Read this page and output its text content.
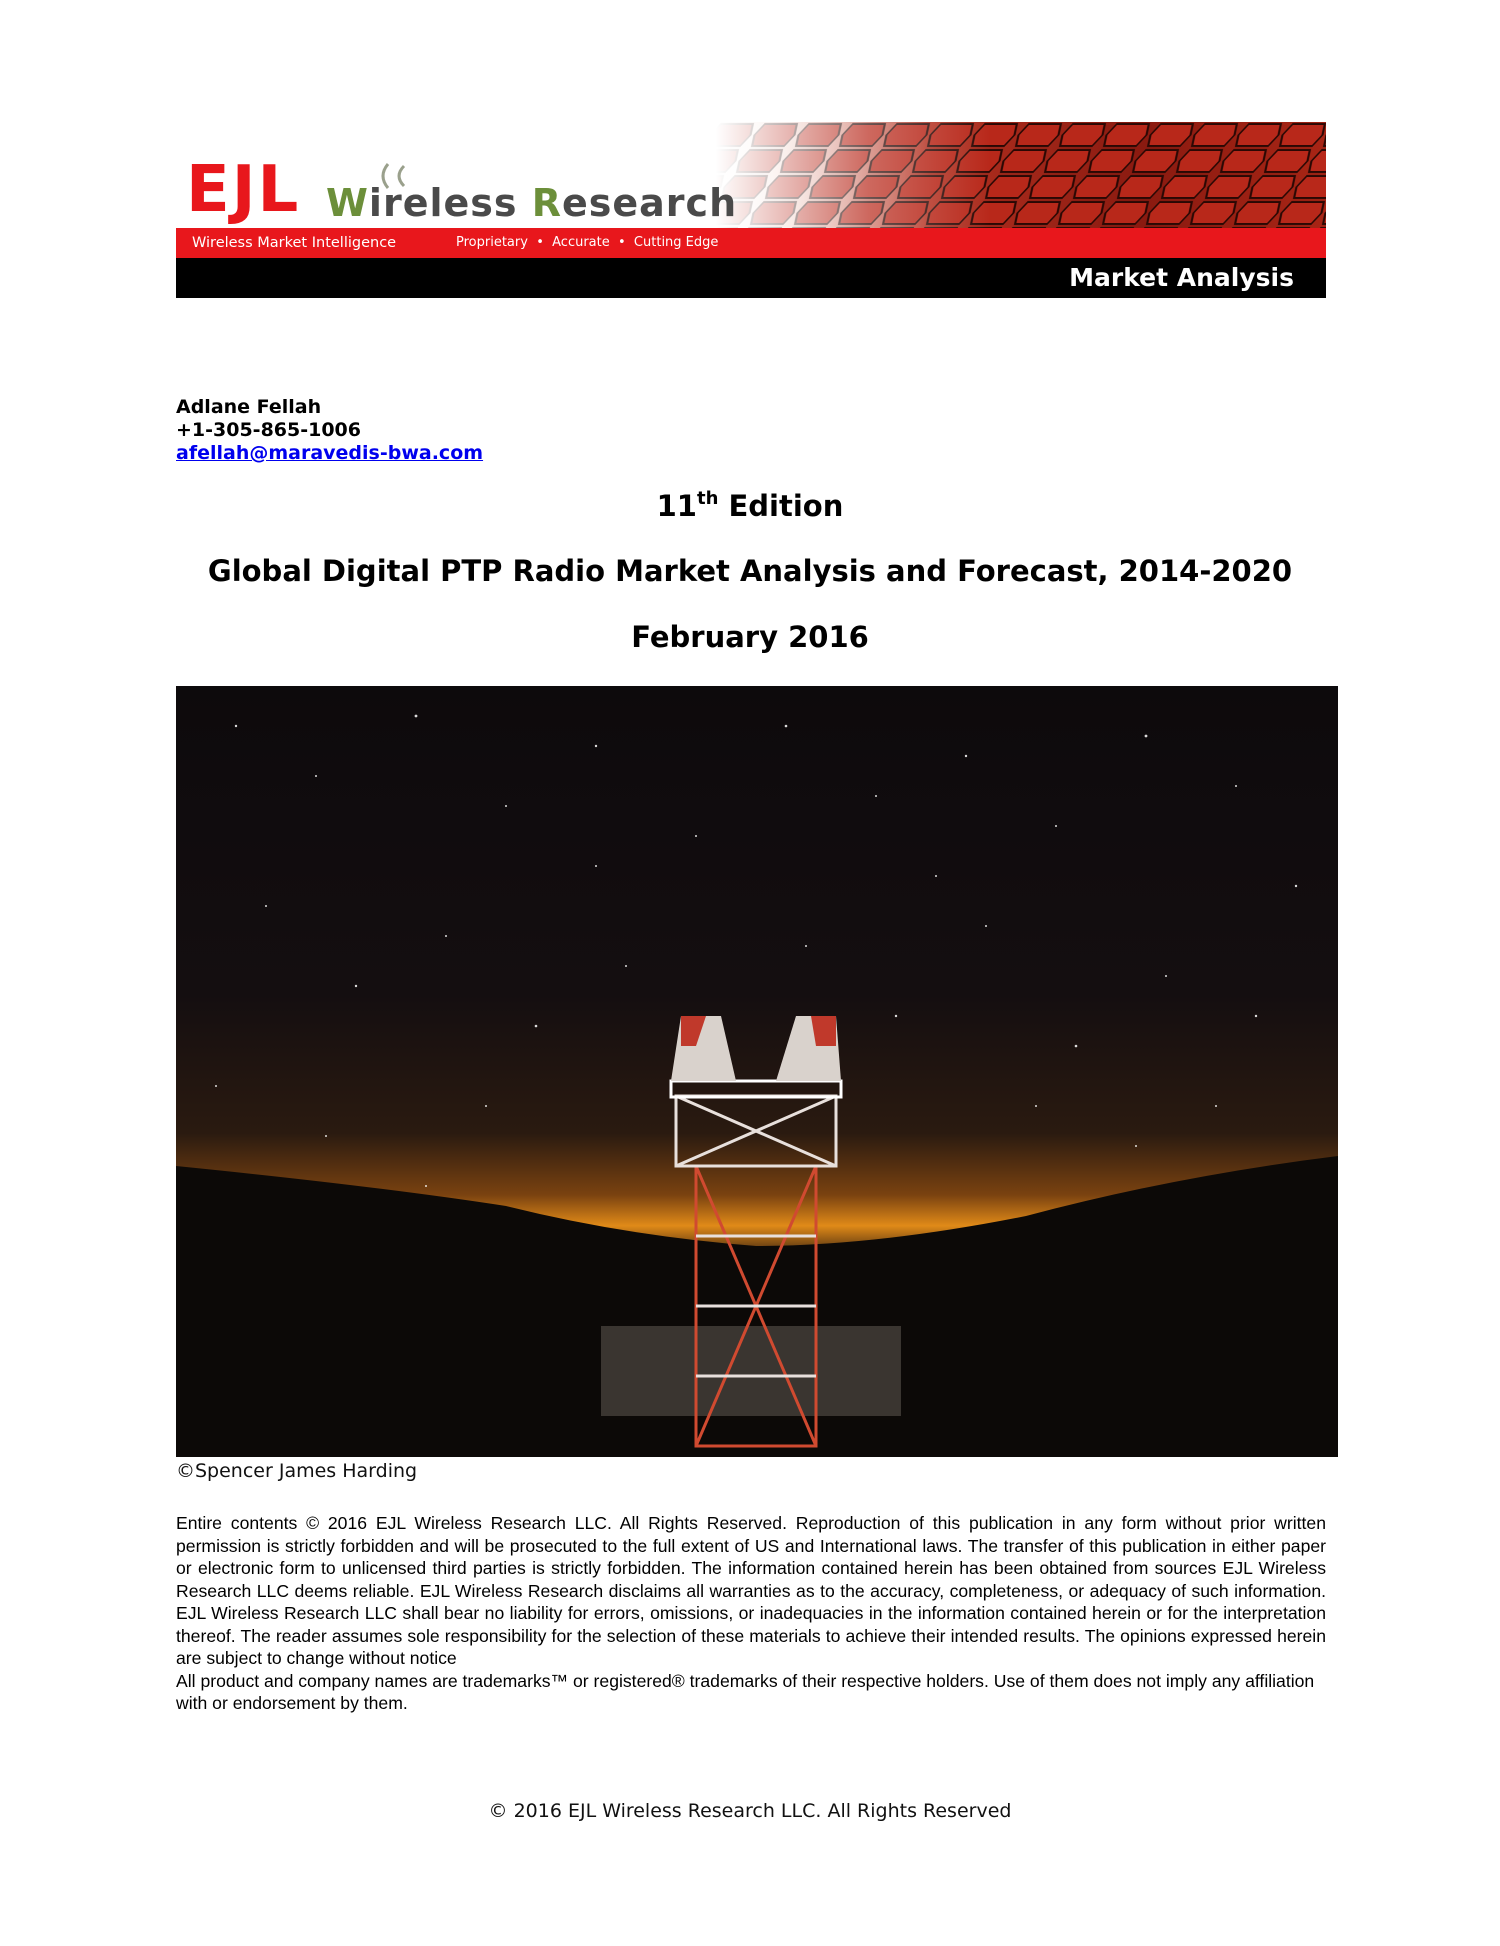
EJL Wireless Research
Wireless Market Intelligence	Proprietary  •  Accurate  •  Cutting Edge
Market Analysis
Adlane Fellah
+1-305-865-1006
afellah@maravedis-bwa.com
11th Edition
Global Digital PTP Radio Market Analysis and Forecast, 2014-2020
February 2016
©Spencer James Harding

Entire contents © 2016 EJL Wireless Research LLC. All Rights Reserved. Reproduction of this publication in any form without prior written permission is strictly forbidden and will be prosecuted to the full extent of US and International laws. The transfer of this publication in either paper or electronic form to unlicensed third parties is strictly forbidden. The information contained herein has been obtained from sources EJL Wireless Research LLC deems reliable. EJL Wireless Research disclaims all warranties as to the accuracy, completeness, or adequacy of such information. EJL Wireless Research LLC shall bear no liability for errors, omissions, or inadequacies in the information contained herein or for the interpretation thereof. The reader assumes sole responsibility for the selection of these materials to achieve their intended results. The opinions expressed herein are subject to change without notice

All product and company names are trademarks™ or registered® trademarks of their respective holders. Use of them does not imply any affiliation with or endorsement by them.

© 2016 EJL Wireless Research LLC. All Rights Reserved
